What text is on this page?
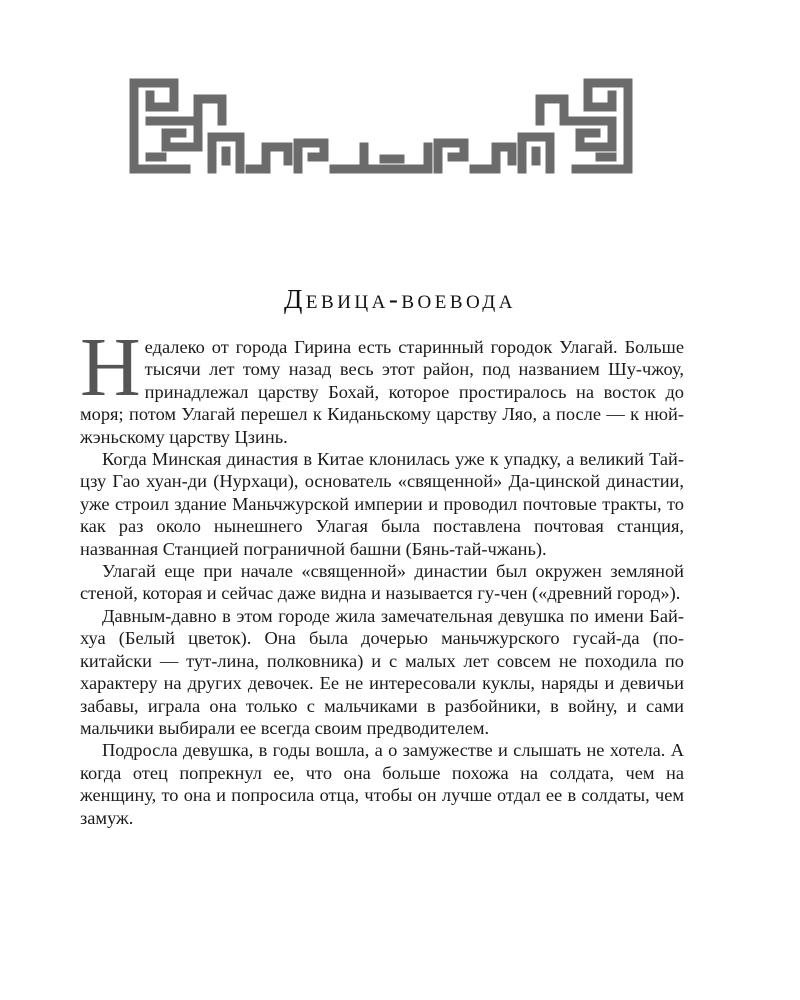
Девица-воевода

Недалеко от города Гирина есть старинный городок Улагай. Больше тысячи лет тому назад весь этот район, под названием Шу-чжоу, принадлежал царству Бохай, которое простиралось на восток до моря; потом Улагай перешел к Киданьскому царству Ляо, а после — к нюй-жэньскому царству Цзинь.

Когда Минская династия в Китае клонилась уже к упадку, а великий Тай-цзу Гао хуан-ди (Нурхаци), основатель «священной» Да-цинской династии, уже строил здание Маньчжурской империи и проводил почтовые тракты, то как раз около нынешнего Улагая была поставлена почтовая станция, названная Станцией пограничной башни (Бянь-тай-чжань).

Улагай еще при начале «священной» династии был окружен земляной стеной, которая и сейчас даже видна и называется гу-чен («древний город»).

Давным-давно в этом городе жила замечательная девушка по имени Бай-хуа (Белый цветок). Она была дочерью маньчжурского гусай-да (по-китайски — тут-лина, полковника) и с малых лет совсем не походила по характеру на других девочек. Ее не интересовали куклы, наряды и девичьи забавы, играла она только с мальчиками в разбойники, в войну, и сами мальчики выбирали ее всегда своим предводителем.

Подросла девушка, в годы вошла, а о замужестве и слышать не хотела. А когда отец попрекнул ее, что она больше похожа на солдата, чем на женщину, то она и попросила отца, чтобы он лучше отдал ее в солдаты, чем замуж.
